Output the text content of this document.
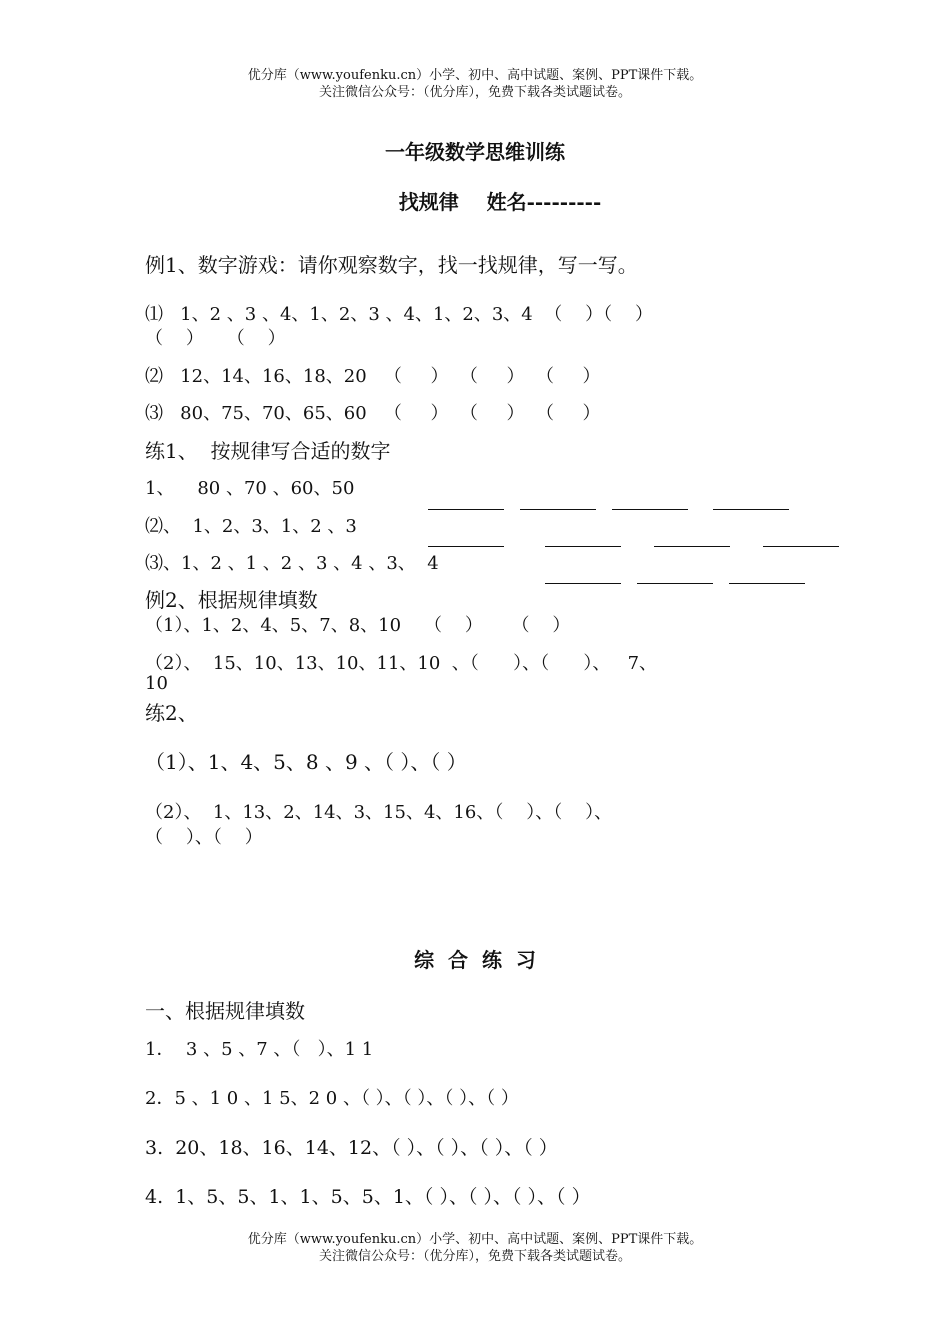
优分库（www.youfenku.cn）小学、初中、高中试题、案例、PPT课件下载。
关注微信公众号：（优分库），免费下载各类试题试卷。
一年级数学思维训练
找规律    姓名---------
例1、数字游戏：请你观察数字，找一找规律，写一写。
⑴   1、2 、3 、4、1、2、3 、4、1、2、3、4  （    ）（    ）
（    ）    （    ）
⑵   12、14、16、18、20   （     ）  （     ）  （     ）
⑶   80、75、70、65、60   （     ）  （     ）  （     ）
练1、  按规律写合适的数字
1、    80 、70 、60、50
⑵、  1、2、3、1、2 、3
⑶、1、2 、1 、2 、3 、4 、3、  4
例2、根据规律填数
（1）、1、2、4、5、7、8、10    （    ）     （    ）
（2）、  15、10、13、10、11、10  、（      ）、（      ）、   7、
10
练2、
（1）、1、4、5、8 、9 、（ ）、（ ）
（2）、  1、13、2、14、3、15、4、16、（    ）、（    ）、
（    ）、（    ）
综  合  练  习
一、根据规律填数
1．  3 、5 、7 、（   ）、1 1
2．5 、1 0 、1 5、2 0 、（ ）、（ ）、（ ）、（ ）
3.  20、18、16、14、12、（ ）、（ ）、（ ）、（ ）
4.  1、5、5、1、1、5、5、1、（ ）、（ ）、（ ）、（ ）
优分库（www.youfenku.cn）小学、初中、高中试题、案例、PPT课件下载。
关注微信公众号：（优分库），免费下载各类试题试卷。
